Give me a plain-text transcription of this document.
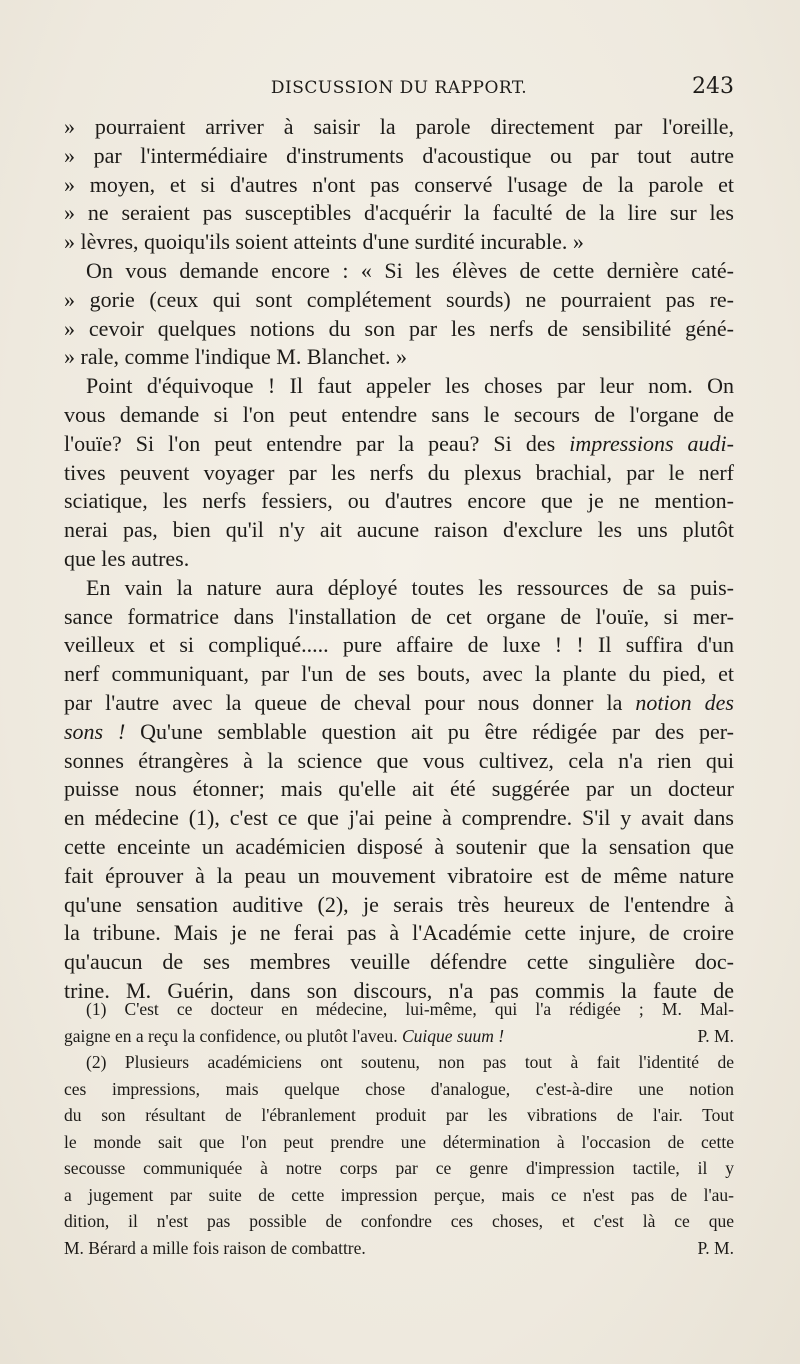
DISCUSSION DU RAPPORT.	243
» pourraient arriver à saisir la parole directement par l'oreille,
» par l'intermédiaire d'instruments d'acoustique ou par tout autre
» moyen, et si d'autres n'ont pas conservé l'usage de la parole et
» ne seraient pas susceptibles d'acquérir la faculté de la lire sur les
» lèvres, quoiqu'ils soient atteints d'une surdité incurable. »
On vous demande encore : « Si les élèves de cette dernière caté-
» gorie (ceux qui sont complétement sourds) ne pourraient pas re-
» cevoir quelques notions du son par les nerfs de sensibilité géné-
» rale, comme l'indique M. Blanchet. »
Point d'équivoque ! Il faut appeler les choses par leur nom. On
vous demande si l'on peut entendre sans le secours de l'organe de
l'ouïe? Si l'on peut entendre par la peau? Si des impressions audi-
tives peuvent voyager par les nerfs du plexus brachial, par le nerf
sciatique, les nerfs fessiers, ou d'autres encore que je ne mention-
nerai pas, bien qu'il n'y ait aucune raison d'exclure les uns plutôt
que les autres.
En vain la nature aura déployé toutes les ressources de sa puis-
sance formatrice dans l'installation de cet organe de l'ouïe, si mer-
veilleux et si compliqué..... pure affaire de luxe ! ! Il suffira d'un
nerf communiquant, par l'un de ses bouts, avec la plante du pied, et
par l'autre avec la queue de cheval pour nous donner la notion des
sons ! Qu'une semblable question ait pu être rédigée par des per-
sonnes étrangères à la science que vous cultivez, cela n'a rien qui
puisse nous étonner; mais qu'elle ait été suggérée par un docteur
en médecine (1), c'est ce que j'ai peine à comprendre. S'il y avait dans
cette enceinte un académicien disposé à soutenir que la sensation que
fait éprouver à la peau un mouvement vibratoire est de même nature
qu'une sensation auditive (2), je serais très heureux de l'entendre à
la tribune. Mais je ne ferai pas à l'Académie cette injure, de croire
qu'aucun de ses membres veuille défendre cette singulière doc-
trine. M. Guérin, dans son discours, n'a pas commis la faute de
(1) C'est ce docteur en médecine, lui-même, qui l'a rédigée ; M. Mal-
gaigne en a reçu la confidence, ou plutôt l'aveu. Cuique suum !	P. M.
(2) Plusieurs académiciens ont soutenu, non pas tout à fait l'identité de
ces impressions, mais quelque chose d'analogue, c'est-à-dire une notion
du son résultant de l'ébranlement produit par les vibrations de l'air. Tout
le monde sait que l'on peut prendre une détermination à l'occasion de cette
secousse communiquée à notre corps par ce genre d'impression tactile, il y
a jugement par suite de cette impression perçue, mais ce n'est pas de l'au-
dition, il n'est pas possible de confondre ces choses, et c'est là ce que
M. Bérard a mille fois raison de combattre.	P. M.
